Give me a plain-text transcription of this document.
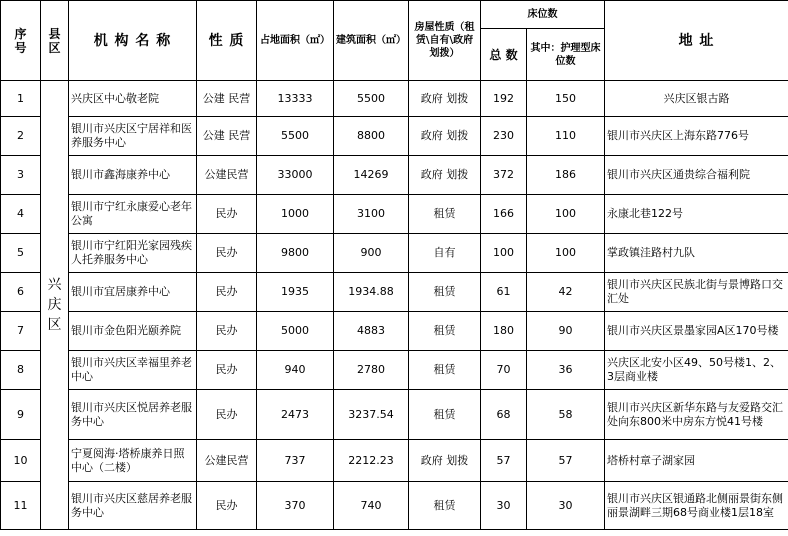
序号	县区	机 构 名 称	性 质	占地面积（㎡）	建筑面积（㎡）	房屋性质（租赁\自有\政府划拨）	床位数		地 址
							总 数	其中：护理型床位数	
1	兴庆区	兴庆区中心敬老院	公建 民营	13333	5500	政府 划拨	192	150	兴庆区银古路
2		银川市兴庆区宁居祥和医养服务中心	公建 民营	5500	8800	政府 划拨	230	110	银川市兴庆区上海东路776号
3		银川市鑫海康养中心	公建民营	33000	14269	政府 划拨	372	186	银川市兴庆区通贵综合福利院
4		银川市宁红永康爱心老年公寓	民办	1000	3100	租赁	166	100	永康北巷122号
5		银川市宁红阳光家园残疾人托养服务中心	民办	9800	900	自有	100	100	掌政镇洼路村九队
6		银川市宜居康养中心	民办	1935	1934.88	租赁	61	42	银川市兴庆区民族北街与景博路口交汇处
7		银川市金色阳光颐养院	民办	5000	4883	租赁	180	90	银川市兴庆区景墨家园A区170号楼
8		银川市兴庆区幸福里养老中心	民办	940	2780	租赁	70	36	兴庆区北安小区49、50号楼1、2、3层商业楼
9		银川市兴庆区悦居养老服务中心	民办	2473	3237.54	租赁	68	58	银川市兴庆区新华东路与友爱路交汇处向东800米中房东方悦41号楼
10		宁夏阅海·塔桥康养日照中心（二楼）	公建民营	737	2212.23	政府 划拨	57	57	塔桥村章子湖家园
11		银川市兴庆区慈居养老服务中心	民办	370	740	租赁	30	30	银川市兴庆区银通路北侧丽景街东侧丽景湖畔三期68号商业楼1层18室
